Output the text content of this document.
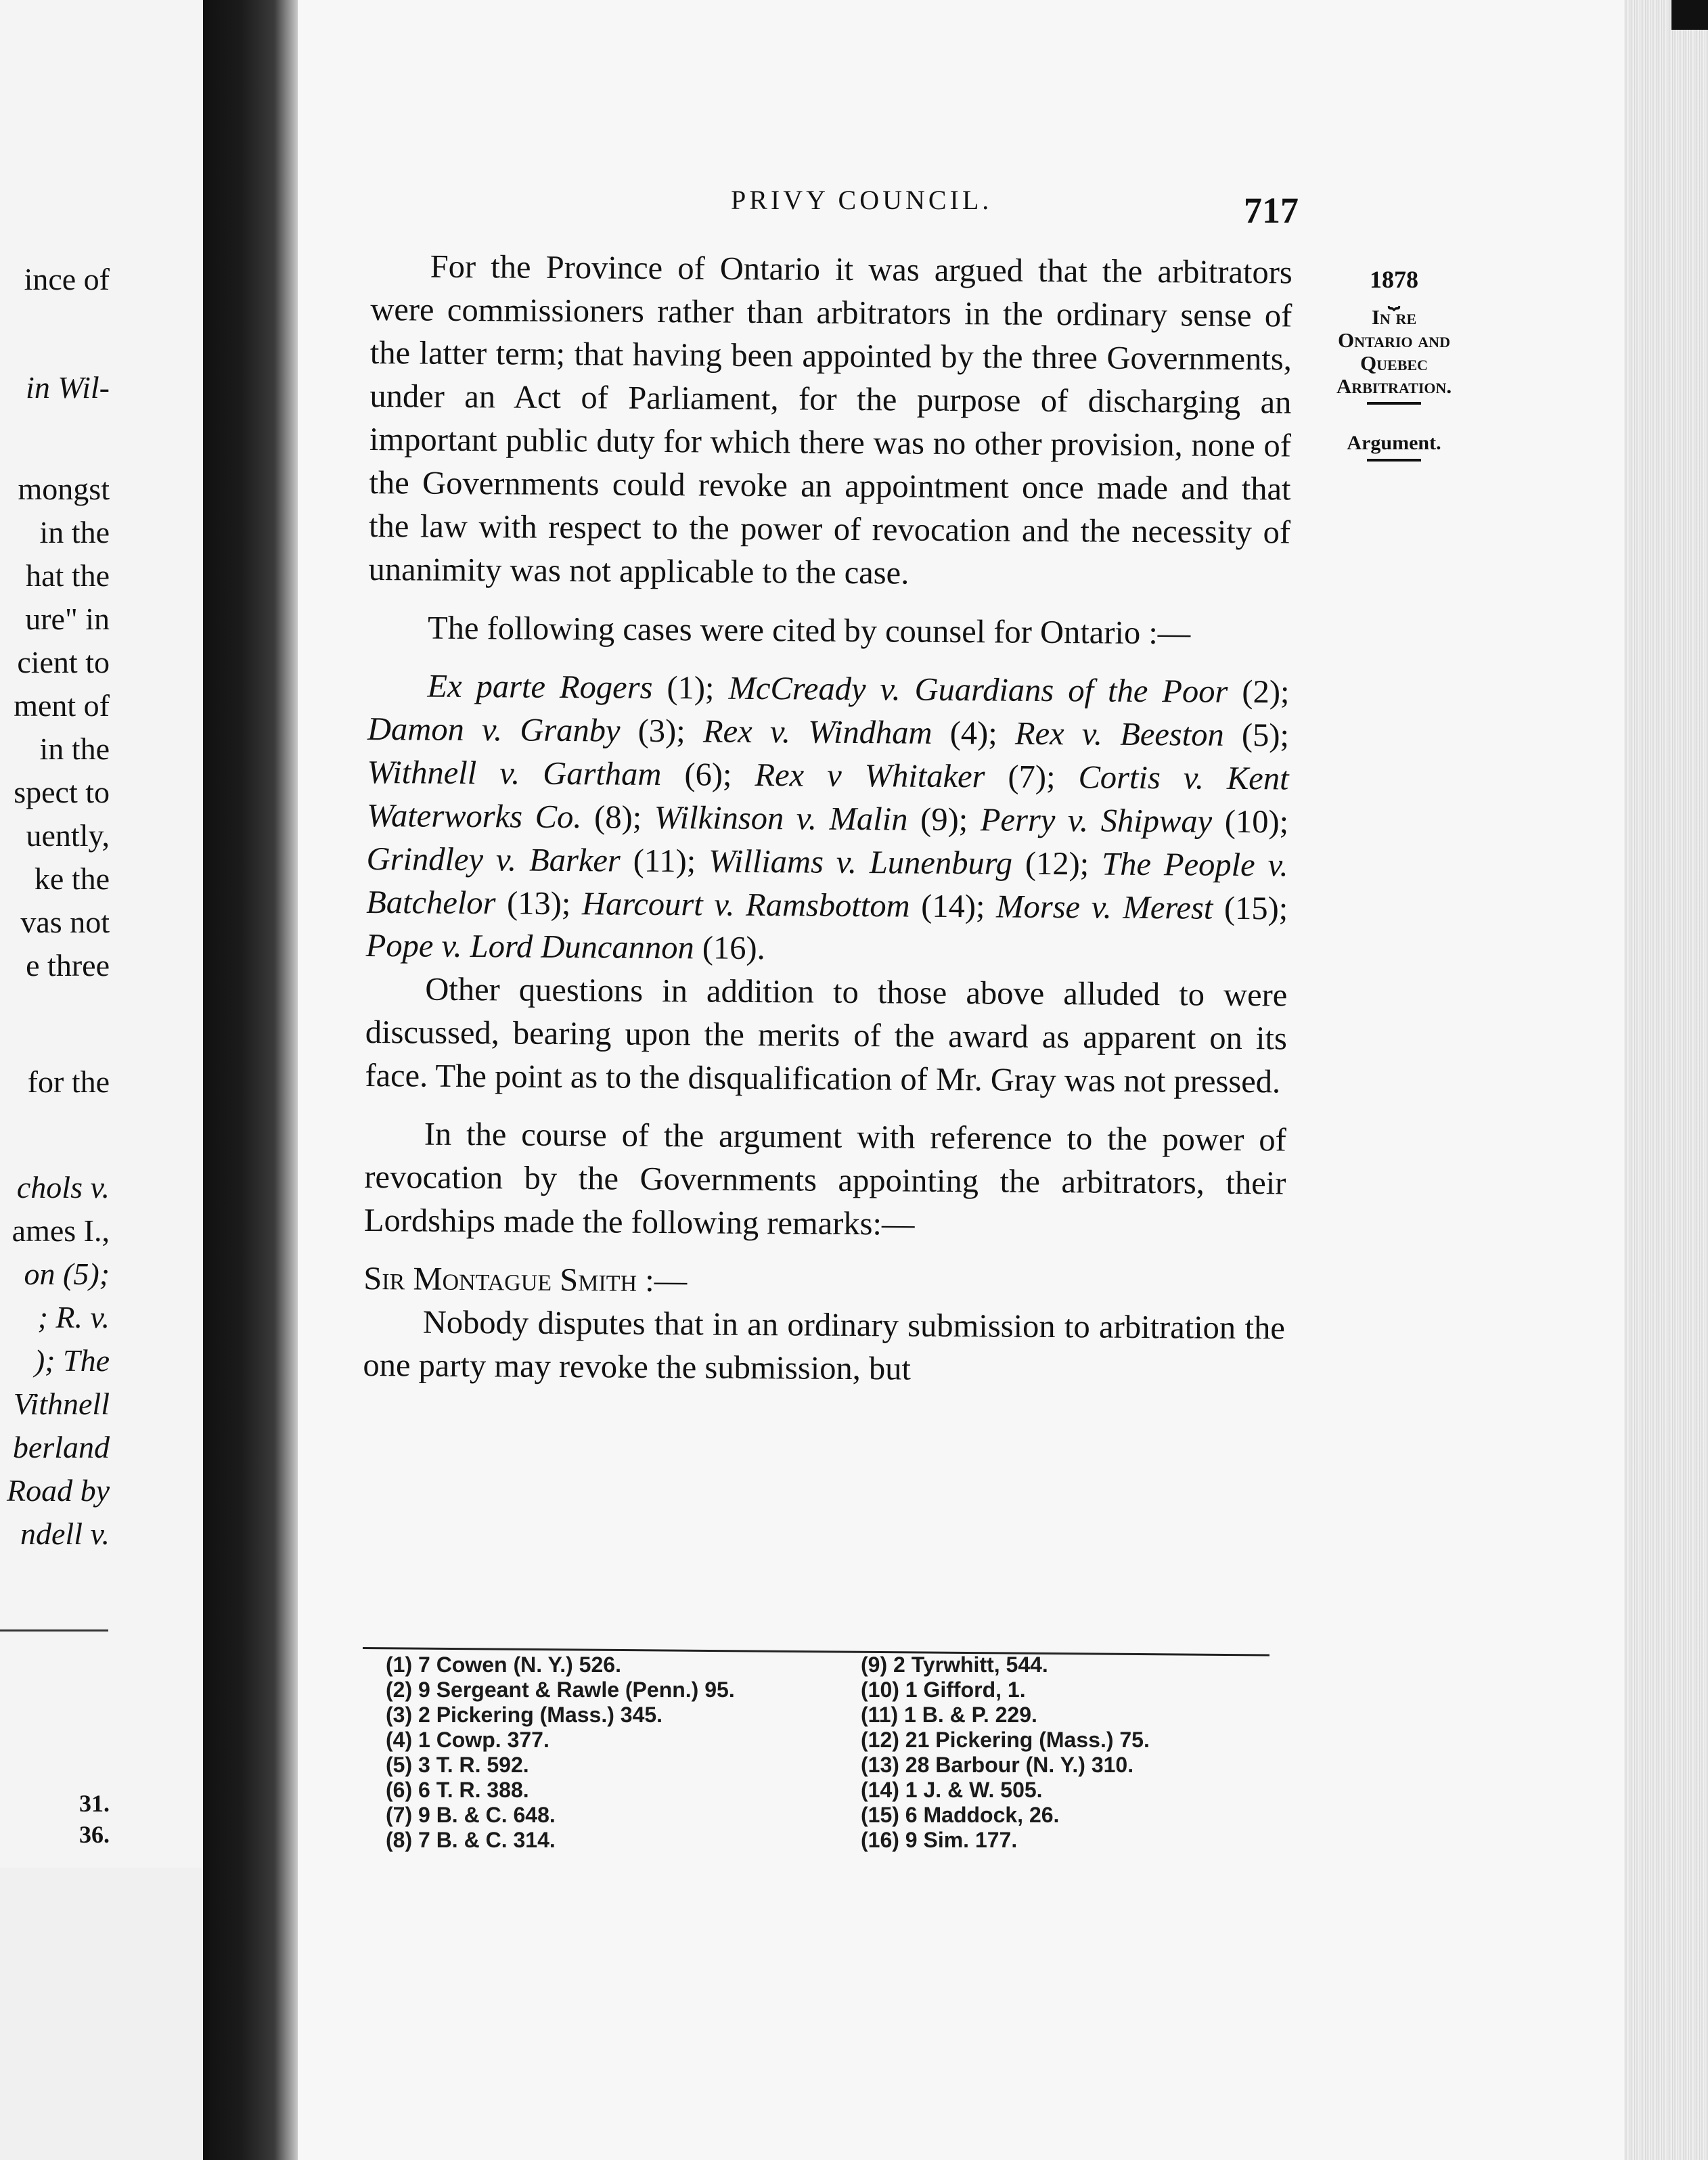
ince of
in Wil-
mongst
in the
hat the
ure" in
cient to
ment of
in the
spect to
uently,
ke the
vas not
e three
for the
chols v.
ames I.,
on (5);
; R. v.
); The
Vithnell
berland
Road by
ndell v.
31.
36.
PRIVY COUNCIL.	717
1878
⏟
In re
Ontario and
Quebec
Arbitration.
Argument.

For the Province of Ontario it was argued that the arbitrators were commissioners rather than arbitrators in the ordinary sense of the latter term; that having been appointed by the three Governments, under an Act of Parliament, for the purpose of discharging an important public duty for which there was no other provision, none of the Governments could revoke an appointment once made and that the law with respect to the power of revocation and the necessity of unanimity was not applicable to the case.

The following cases were cited by counsel for Ontario :—

Ex parte Rogers (1); McCready v. Guardians of the Poor (2); Damon v. Granby (3); Rex v. Windham (4); Rex v. Beeston (5); Withnell v. Gartham (6); Rex v Whitaker (7); Cortis v. Kent Waterworks Co. (8); Wilkinson v. Malin (9); Perry v. Shipway (10); Grindley v. Barker (11); Williams v. Lunenburg (12); The People v. Batchelor (13); Harcourt v. Ramsbottom (14); Morse v. Merest (15); Pope v. Lord Duncannon (16).

Other questions in addition to those above alluded to were discussed, bearing upon the merits of the award as apparent on its face. The point as to the disqualification of Mr. Gray was not pressed.

In the course of the argument with reference to the power of revocation by the Governments appointing the arbitrators, their Lordships made the following remarks:—

Sir Montague Smith :—

Nobody disputes that in an ordinary submission to arbitration the one party may revoke the submission, but

(1) 7 Cowen (N. Y.) 526.
(2) 9 Sergeant & Rawle (Penn.) 95.
(3) 2 Pickering (Mass.) 345.
(4) 1 Cowp. 377.
(5) 3 T. R. 592.
(6) 6 T. R. 388.
(7) 9 B. & C. 648.
(8) 7 B. & C. 314.
(9) 2 Tyrwhitt, 544.
(10) 1 Gifford, 1.
(11) 1 B. & P. 229.
(12) 21 Pickering (Mass.) 75.
(13) 28 Barbour (N. Y.) 310.
(14) 1 J. & W. 505.
(15) 6 Maddock, 26.
(16) 9 Sim. 177.
